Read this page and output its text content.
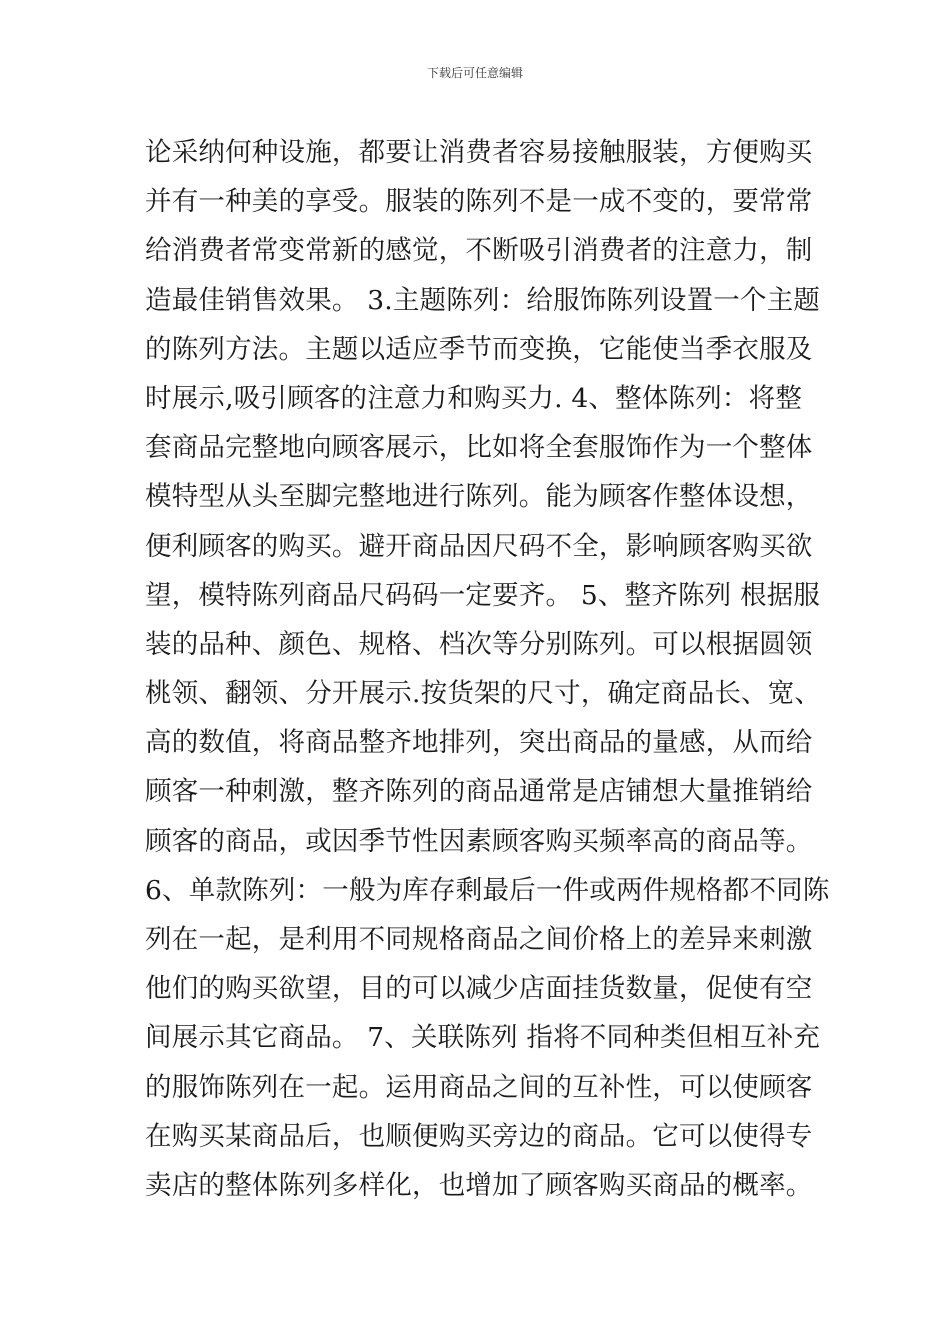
下载后可任意编辑
论采纳何种设施，都要让消费者容易接触服装，方便购买
并有一种美的享受。服装的陈列不是一成不变的，要常常
给消费者常变常新的感觉，不断吸引消费者的注意力，制
造最佳销售效果。 3.主题陈列：给服饰陈列设置一个主题
的陈列方法。主题以适应季节而变换，它能使当季衣服及
时展示,吸引顾客的注意力和购买力. 4、整体陈列：将整
套商品完整地向顾客展示，比如将全套服饰作为一个整体
模特型从头至脚完整地进行陈列。能为顾客作整体设想，
便利顾客的购买。避开商品因尺码不全，影响顾客购买欲
望，模特陈列商品尺码码一定要齐。 5、整齐陈列 根据服
装的品种、颜色、规格、档次等分别陈列。可以根据圆领
桃领、翻领、分开展示.按货架的尺寸，确定商品长、宽、
高的数值，将商品整齐地排列，突出商品的量感，从而给
顾客一种刺激，整齐陈列的商品通常是店铺想大量推销给
顾客的商品，或因季节性因素顾客购买频率高的商品等。
6、单款陈列：一般为库存剩最后一件或两件规格都不同陈
列在一起，是利用不同规格商品之间价格上的差异来刺激
他们的购买欲望，目的可以减少店面挂货数量，促使有空
间展示其它商品。 7、关联陈列 指将不同种类但相互补充
的服饰陈列在一起。运用商品之间的互补性，可以使顾客
在购买某商品后，也顺便购买旁边的商品。它可以使得专
卖店的整体陈列多样化，也增加了顾客购买商品的概率。
